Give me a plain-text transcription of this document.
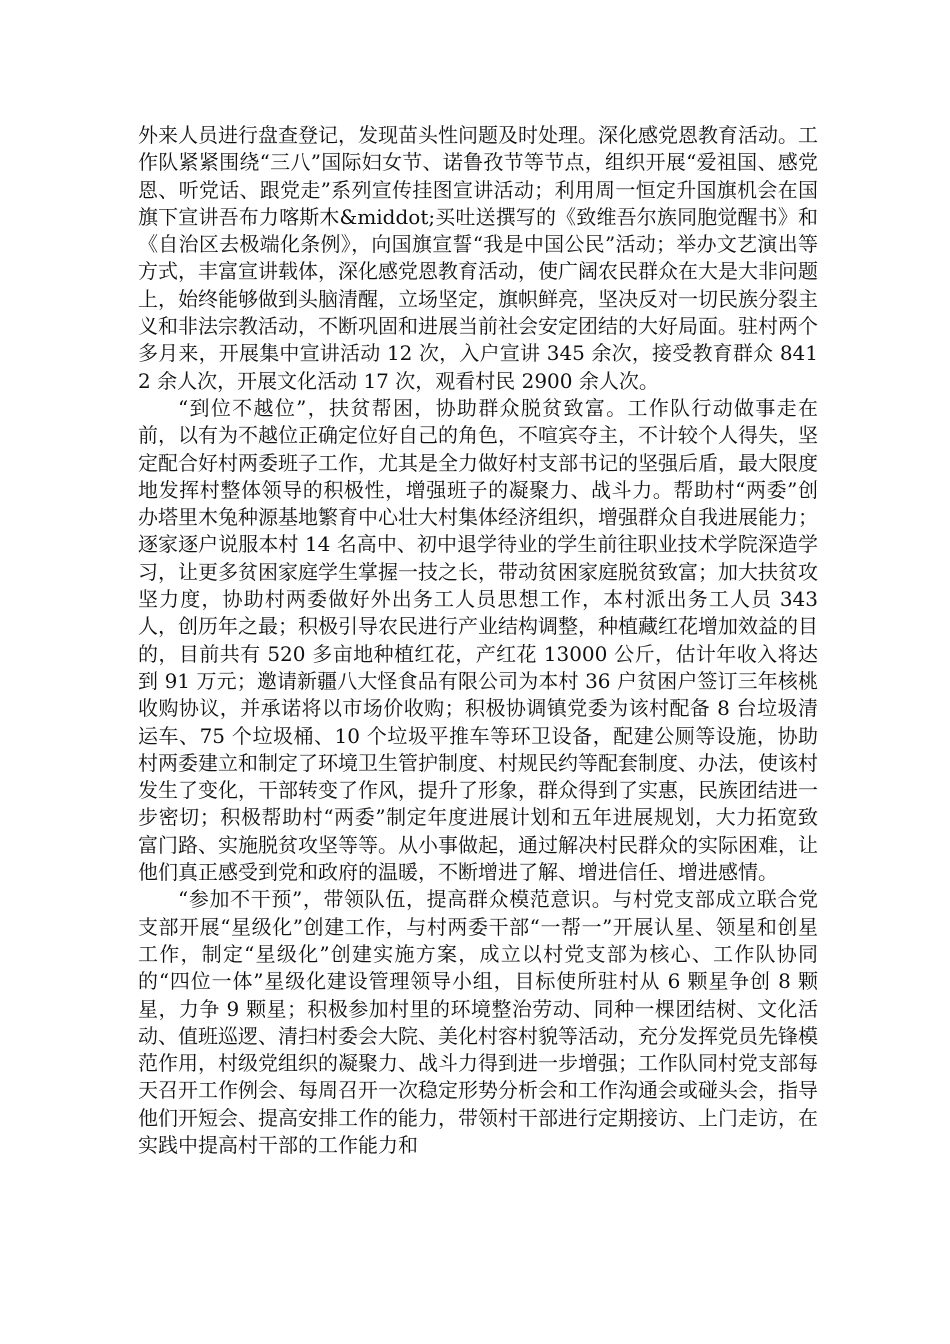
外来人员进行盘查登记，发现苗头性问题及时处理。深化感党恩教育活动。工作队紧紧围绕“三八”国际妇女节、诺鲁孜节等节点，组织开展“爱祖国、感党恩、听党话、跟党走”系列宣传挂图宣讲活动；利用周一恒定升国旗机会在国旗下宣讲吾布力喀斯木&middot;买吐送撰写的《致维吾尔族同胞觉醒书》和《自治区去极端化条例》，向国旗宣誓“我是中国公民”活动；举办文艺演出等方式，丰富宣讲载体，深化感党恩教育活动，使广阔农民群众在大是大非问题上，始终能够做到头脑清醒，立场坚定，旗帜鲜亮，坚决反对一切民族分裂主义和非法宗教活动，不断巩固和进展当前社会安定团结的大好局面。驻村两个多月来，开展集中宣讲活动 12 次，入户宣讲 345 余次，接受教育群众 8412 余人次，开展文化活动 17 次，观看村民 2900 余人次。

“到位不越位”，扶贫帮困，协助群众脱贫致富。工作队行动做事走在前，以有为不越位正确定位好自己的角色，不喧宾夺主，不计较个人得失，坚定配合好村两委班子工作，尤其是全力做好村支部书记的坚强后盾，最大限度地发挥村整体领导的积极性，增强班子的凝聚力、战斗力。帮助村“两委”创办塔里木兔种源基地繁育中心壮大村集体经济组织，增强群众自我进展能力；逐家逐户说服本村 14 名高中、初中退学待业的学生前往职业技术学院深造学习，让更多贫困家庭学生掌握一技之长，带动贫困家庭脱贫致富；加大扶贫攻坚力度，协助村两委做好外出务工人员思想工作，本村派出务工人员 343 人，创历年之最；积极引导农民进行产业结构调整，种植藏红花增加效益的目的，目前共有 520 多亩地种植红花，产红花 13000 公斤，估计年收入将达到 91 万元；邀请新疆八大怪食品有限公司为本村 36 户贫困户签订三年核桃收购协议，并承诺将以市场价收购；积极协调镇党委为该村配备 8 台垃圾清运车、75 个垃圾桶、10 个垃圾平推车等环卫设备，配建公厕等设施，协助村两委建立和制定了环境卫生管护制度、村规民约等配套制度、办法，使该村发生了变化，干部转变了作风，提升了形象，群众得到了实惠，民族团结进一步密切；积极帮助村“两委”制定年度进展计划和五年进展规划，大力拓宽致富门路、实施脱贫攻坚等等。从小事做起，通过解决村民群众的实际困难，让他们真正感受到党和政府的温暖，不断增进了解、增进信任、增进感情。

“参加不干预”，带领队伍，提高群众模范意识。与村党支部成立联合党支部开展“星级化”创建工作，与村两委干部“一帮一”开展认星、领星和创星工作，制定“星级化”创建实施方案，成立以村党支部为核心、工作队协同的“四位一体”星级化建设管理领导小组，目标使所驻村从 6 颗星争创 8 颗星，力争 9 颗星；积极参加村里的环境整治劳动、同种一棵团结树、文化活动、值班巡逻、清扫村委会大院、美化村容村貌等活动，充分发挥党员先锋模范作用，村级党组织的凝聚力、战斗力得到进一步增强；工作队同村党支部每天召开工作例会、每周召开一次稳定形势分析会和工作沟通会或碰头会，指导他们开短会、提高安排工作的能力，带领村干部进行定期接访、上门走访，在实践中提高村干部的工作能力和
